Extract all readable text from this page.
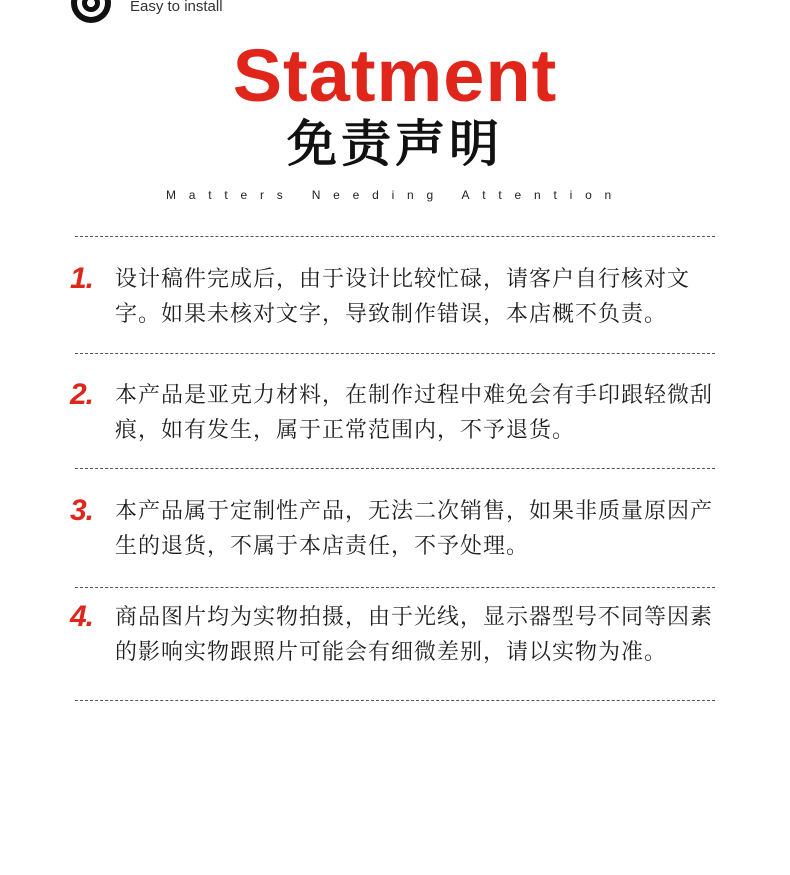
Easy to install
Statment
免责声明
Matters Needing Attention
1. 设计稿件完成后，由于设计比较忙碌，请客户自行核对文字。如果未核对文字，导致制作错误，本店概不负责。
2. 本产品是亚克力材料，在制作过程中难免会有手印跟轻微刮痕，如有发生，属于正常范围内，不予退货。
3. 本产品属于定制性产品，无法二次销售，如果非质量原因产生的退货，不属于本店责任，不予处理。
4. 商品图片均为实物拍摄，由于光线，显示器型号不同等因素的影响实物跟照片可能会有细微差别，请以实物为准。
